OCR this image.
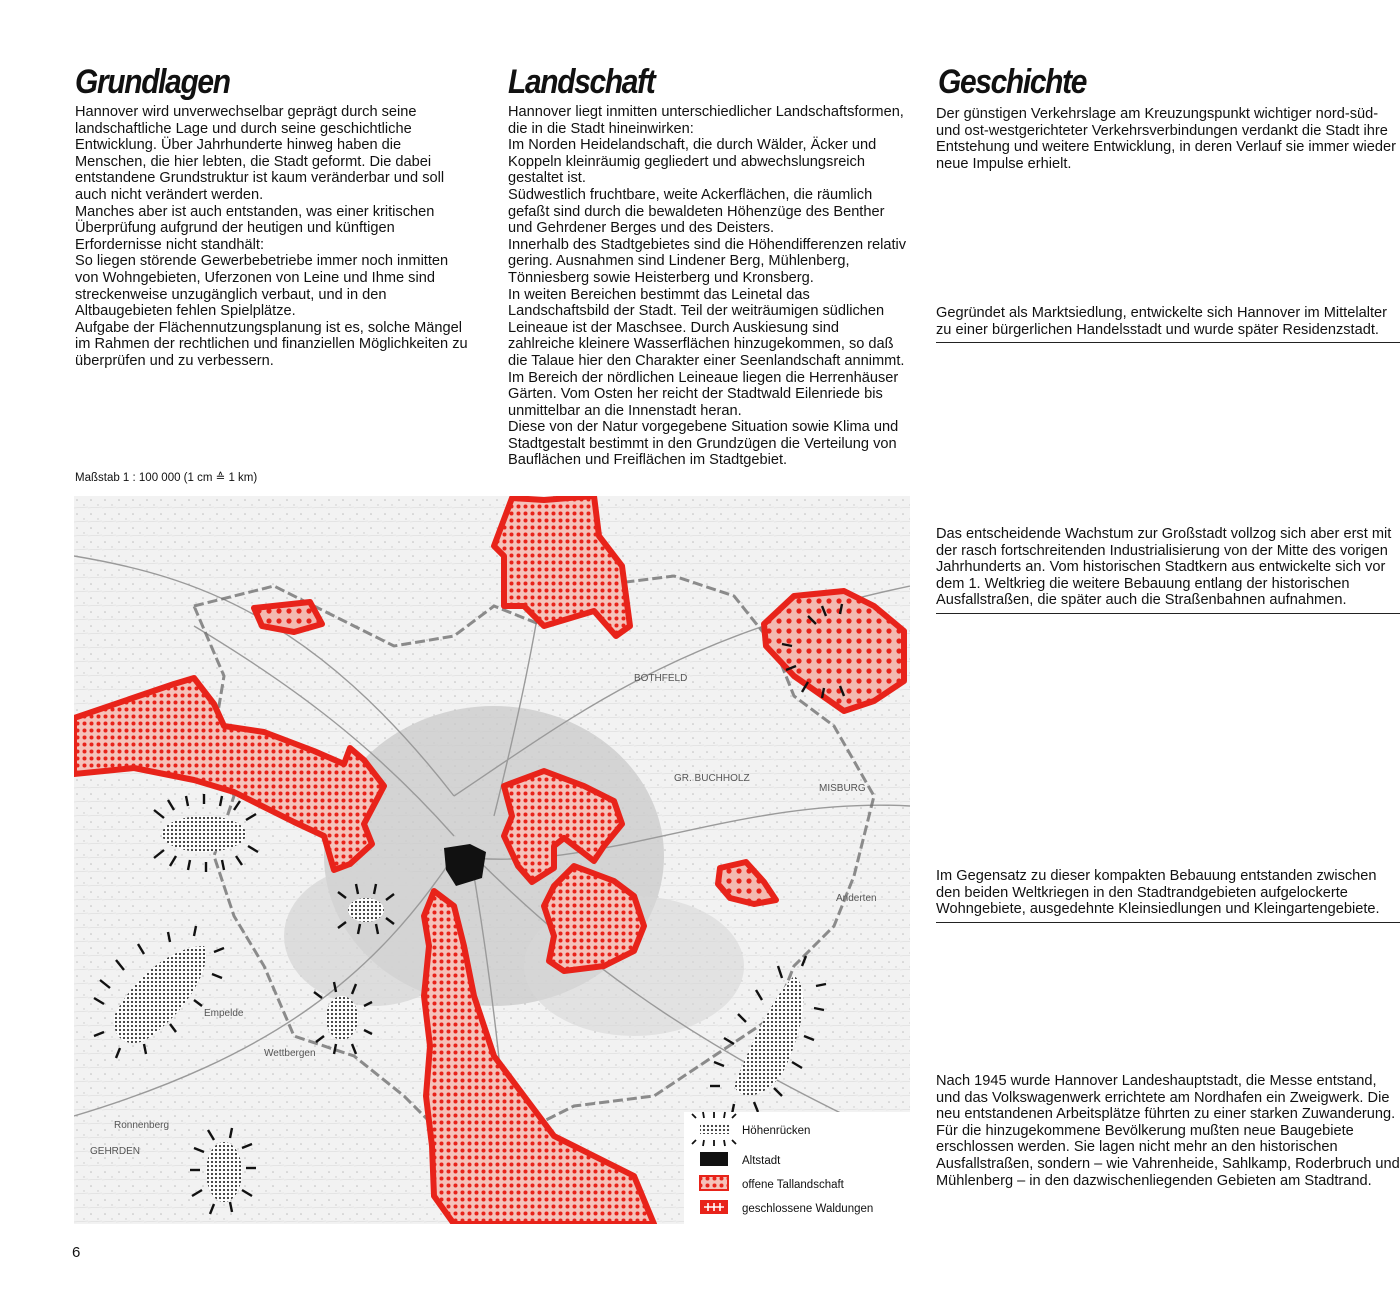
Grundlagen	Landschaft	Geschichte

Hannover wird unverwechselbar geprägt durch seine landschaftliche Lage und durch seine geschichtliche Entwicklung. Über Jahrhunderte hinweg haben die Menschen, die hier lebten, die Stadt geformt. Die dabei entstandene Grundstruktur ist kaum veränderbar und soll auch nicht verändert werden.

Manches aber ist auch entstanden, was einer kritischen Überprüfung aufgrund der heutigen und künftigen Erfordernisse nicht standhält:

So liegen störende Gewerbebetriebe immer noch inmitten von Wohngebieten, Uferzonen von Leine und Ihme sind streckenweise unzugänglich verbaut, und in den Altbaugebieten fehlen Spielplätze.

Aufgabe der Flächennutzungsplanung ist es, solche Mängel im Rahmen der rechtlichen und finanziellen Möglichkeiten zu überprüfen und zu verbessern.

Hannover liegt inmitten unterschiedlicher Landschaftsformen, die in die Stadt hineinwirken:

Im Norden Heidelandschaft, die durch Wälder, Äcker und Koppeln kleinräumig gegliedert und abwechslungsreich gestaltet ist.

Südwestlich fruchtbare, weite Ackerflächen, die räumlich gefaßt sind durch die bewaldeten Höhenzüge des Benther und Gehrdener Berges und des Deisters.

Innerhalb des Stadtgebietes sind die Höhendifferenzen relativ gering. Ausnahmen sind Lindener Berg, Mühlenberg, Tönniesberg sowie Heisterberg und Kronsberg.

In weiten Bereichen bestimmt das Leinetal das Landschaftsbild der Stadt. Teil der weiträumigen südlichen Leineaue ist der Maschsee. Durch Auskiesung sind zahlreiche kleinere Wasserflächen hinzugekommen, so daß die Talaue hier den Charakter einer Seenlandschaft annimmt. Im Bereich der nördlichen Leineaue liegen die Herrenhäuser Gärten. Vom Osten her reicht der Stadtwald Eilenriede bis unmittelbar an die Innenstadt heran.

Diese von der Natur vorgegebene Situation sowie Klima und Stadtgestalt bestimmt in den Grundzügen die Verteilung von Bauflächen und Freiflächen im Stadtgebiet.

Der günstigen Verkehrslage am Kreuzungspunkt wichtiger nord-süd- und ost-westgerichteter Verkehrsverbindungen verdankt die Stadt ihre Entstehung und weitere Entwicklung, in deren Verlauf sie immer wieder neue Impulse erhielt.

Gegründet als Marktsiedlung, entwickelte sich Hannover im Mittelalter zu einer bürgerlichen Handelsstadt und wurde später Residenzstadt.

Das entscheidende Wachstum zur Großstadt vollzog sich aber erst mit der rasch fortschreitenden Industrialisierung von der Mitte des vorigen Jahrhunderts an. Vom historischen Stadtkern aus entwickelte sich vor dem 1. Weltkrieg die weitere Bebauung entlang der historischen Ausfallstraßen, die später auch die Straßenbahnen aufnahmen.

Im Gegensatz zu dieser kompakten Bebauung entstanden zwischen den beiden Weltkriegen in den Stadtrandgebieten aufgelockerte Wohngebiete, ausgedehnte Kleinsiedlungen und Kleingartengebiete.

Nach 1945 wurde Hannover Landeshauptstadt, die Messe entstand, und das Volkswagenwerk errichtete am Nordhafen ein Zweigwerk. Die neu entstandenen Arbeitsplätze führten zu einer starken Zuwanderung.

Für die hinzugekommene Bevölkerung mußten neue Baugebiete erschlossen werden. Sie lagen nicht mehr an den historischen Ausfallstraßen, sondern – wie Vahrenheide, Sahlkamp, Roderbruch und Mühlenberg – in den dazwischenliegenden Gebieten am Stadtrand.

Maßstab 1 : 100 000 (1 cm ≙ 1 km)

MISBURG
GR. BUCHHOLZ
BOTHFELD
Anderten
GEHRDEN
Ronnenberg
Empelde
Wettbergen
Höhenrücken
Altstadt
offene Tallandschaft
geschlossene Waldungen
6
